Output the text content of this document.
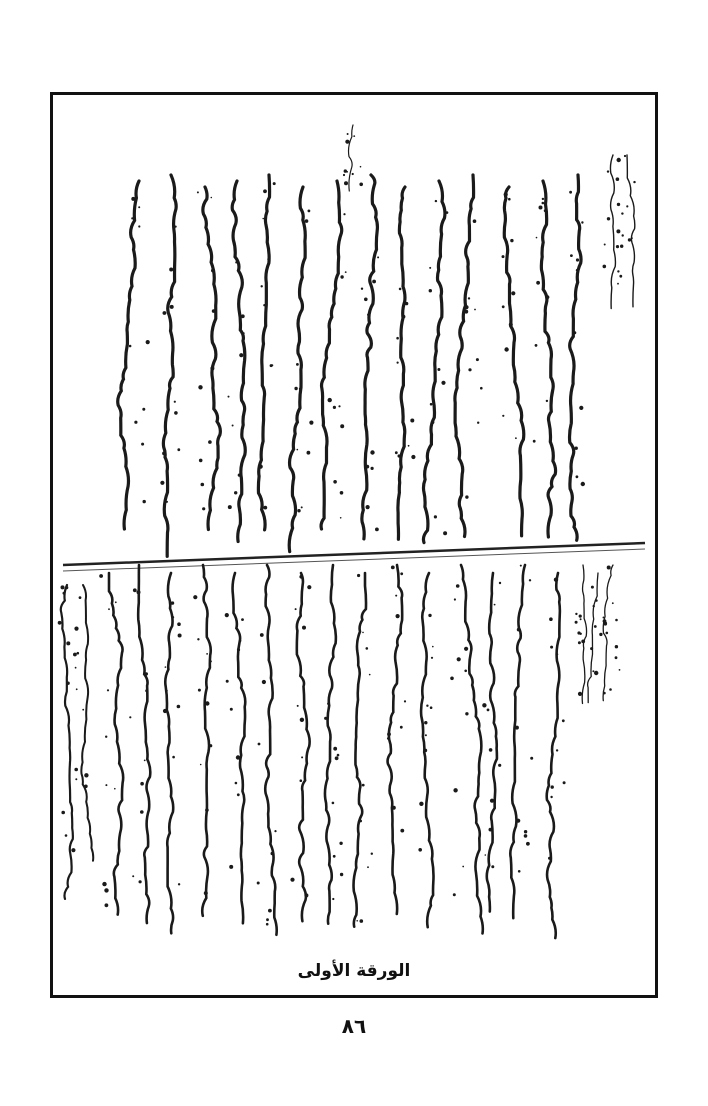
الورقة الأولى
٨٦
